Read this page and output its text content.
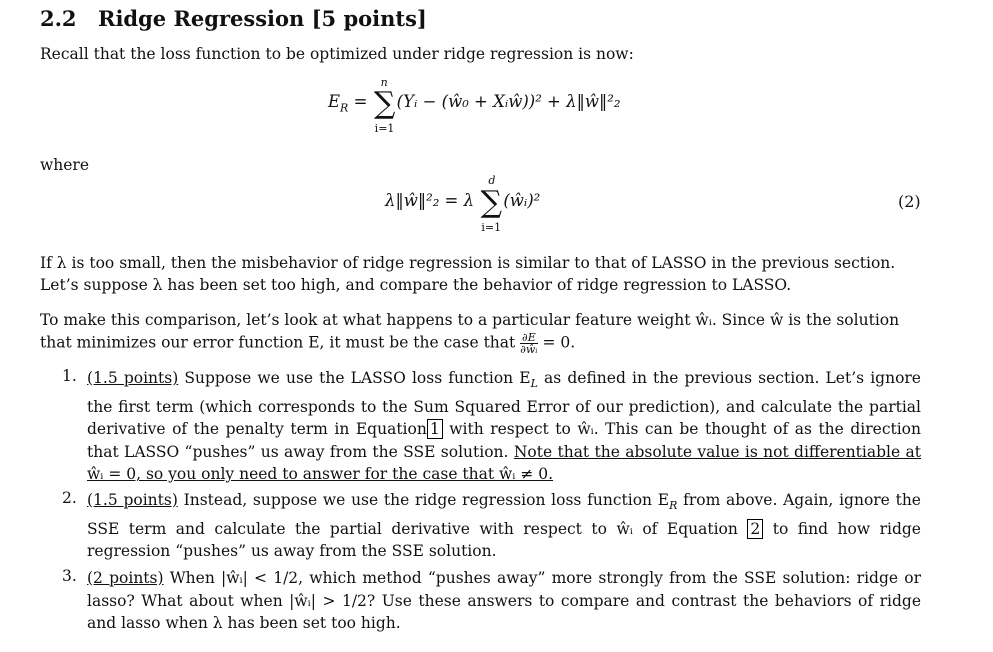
2.2 Ridge Regression [5 points]
Recall that the loss function to be optimized under ridge regression is now:
$E_R$ =
n
∑
i=1
(Yᵢ − (ŵ₀ + Xᵢŵ))² + λ‖ŵ‖²₂
where
λ‖ŵ‖²₂ = λ
d
∑
i=1
(ŵᵢ)²	(2)
If λ is too small, then the misbehavior of ridge regression is similar to that of LASSO in the previous section.
Let’s suppose λ has been set too high, and compare the behavior of ridge regression to LASSO.
To make this comparison, let’s look at what happens to a particular feature weight ŵᵢ. Since ŵ is the solution
that minimizes our error function E, it must be the case that $\frac{\partial E}{\text{∂ŵᵢ}} = 0$.
1. (1.5 points) Suppose we use the LASSO loss function $E_L$ as defined in the previous section. Let’s ignore the first term (which corresponds to the Sum Squared Error of our prediction), and calculate the partial derivative of the penalty term in Equation 1 with respect to ŵᵢ. This can be thought of as the direction that LASSO “pushes” us away from the SSE solution. Note that the absolute value is not differentiable at ŵᵢ = 0, so you only need to answer for the case that ŵᵢ ≠ 0.
2. (1.5 points) Instead, suppose we use the ridge regression loss function $E_R$ from above. Again, ignore the SSE term and calculate the partial derivative with respect to ŵᵢ of Equation 2 to find how ridge regression “pushes” us away from the SSE solution.
3. (2 points) When |ŵᵢ| < 1/2, which method “pushes away” more strongly from the SSE solution: ridge or lasso? What about when |ŵᵢ| > 1/2? Use these answers to compare and contrast the behaviors of ridge and lasso when λ has been set too high.
